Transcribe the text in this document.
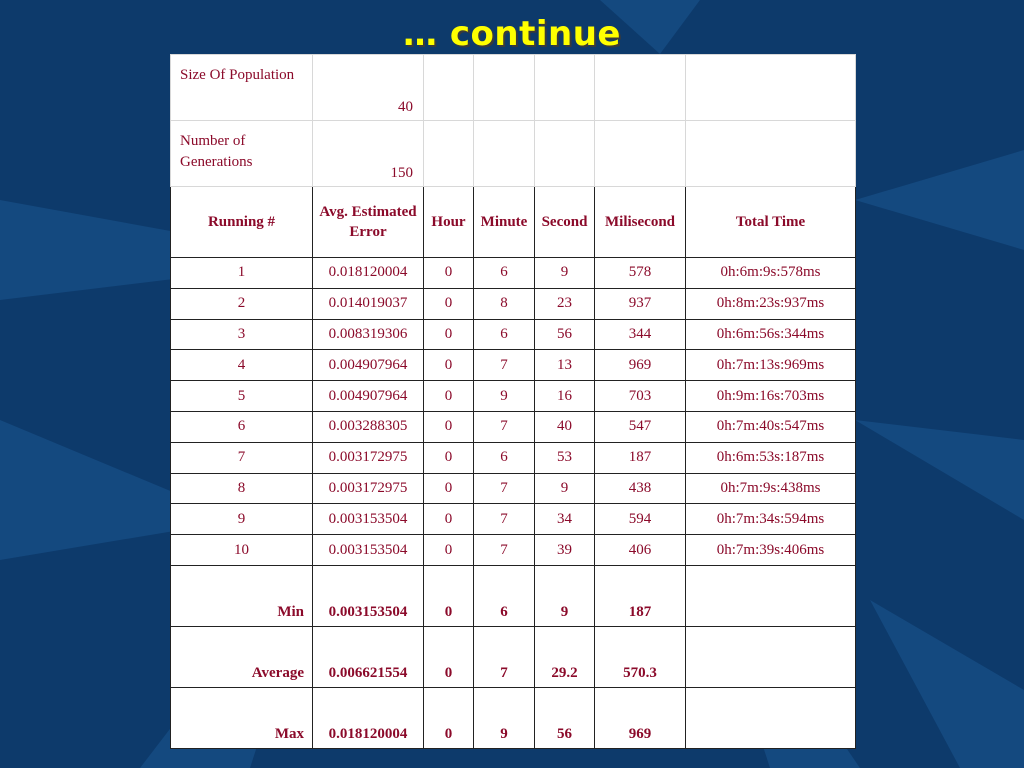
… continue
Size Of Population	40					
Number of Generations	150					
Running #	Avg. Estimated Error	Hour	Minute	Second	Milisecond	Total Time
1	0.018120004	0	6	9	578	0h:6m:9s:578ms
2	0.014019037	0	8	23	937	0h:8m:23s:937ms
3	0.008319306	0	6	56	344	0h:6m:56s:344ms
4	0.004907964	0	7	13	969	0h:7m:13s:969ms
5	0.004907964	0	9	16	703	0h:9m:16s:703ms
6	0.003288305	0	7	40	547	0h:7m:40s:547ms
7	0.003172975	0	6	53	187	0h:6m:53s:187ms
8	0.003172975	0	7	9	438	0h:7m:9s:438ms
9	0.003153504	0	7	34	594	0h:7m:34s:594ms
10	0.003153504	0	7	39	406	0h:7m:39s:406ms
Min	0.003153504	0	6	9	187	
Average	0.006621554	0	7	29.2	570.3	
Max	0.018120004	0	9	56	969	
